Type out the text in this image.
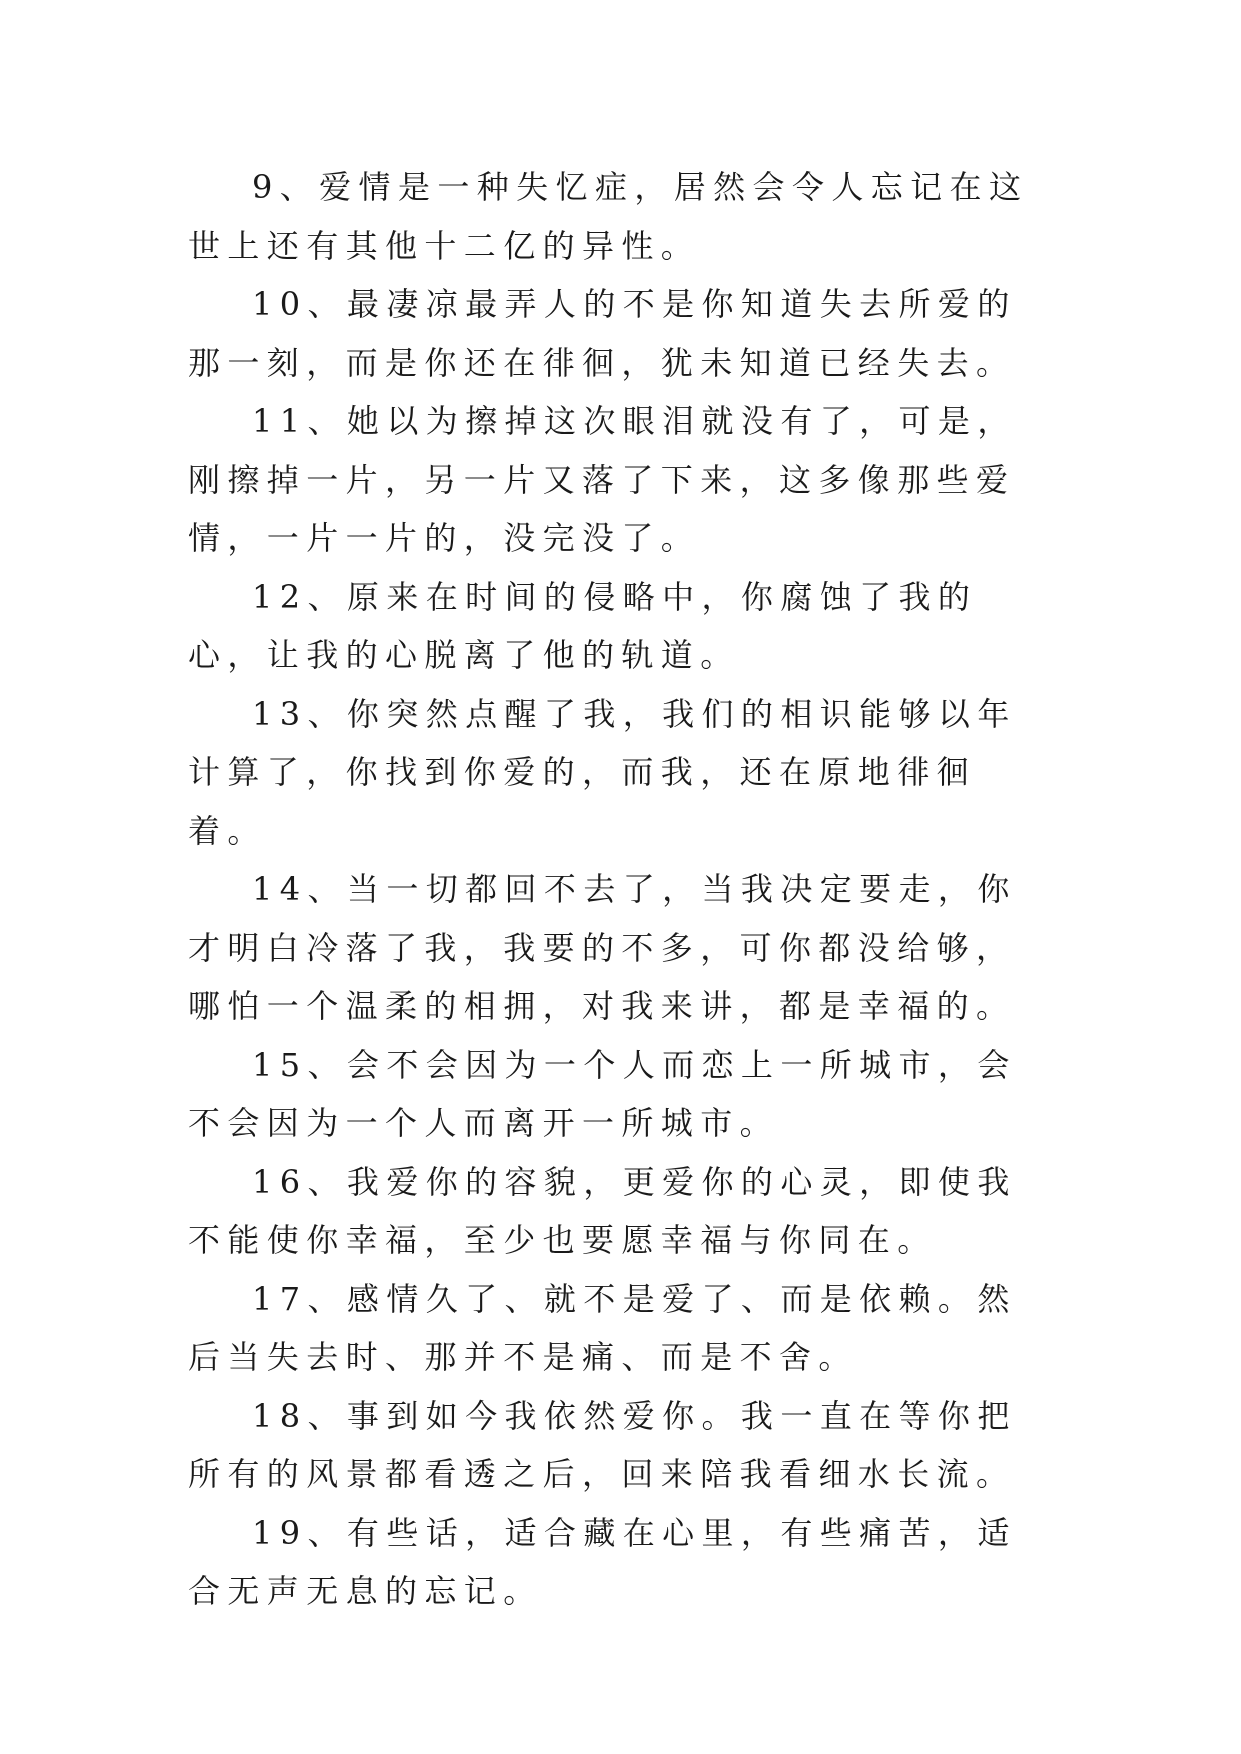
9、爱情是一种失忆症，居然会令人忘记在这世上还有其他十二亿的异性。

10、最凄凉最弄人的不是你知道失去所爱的那一刻，而是你还在徘徊，犹未知道已经失去。

11、她以为擦掉这次眼泪就没有了，可是，刚擦掉一片，另一片又落了下来，这多像那些爱情，一片一片的，没完没了。

12、原来在时间的侵略中，你腐蚀了我的心，让我的心脱离了他的轨道。

13、你突然点醒了我，我们的相识能够以年计算了，你找到你爱的，而我，还在原地徘徊着。

14、当一切都回不去了，当我决定要走，你才明白冷落了我，我要的不多，可你都没给够，哪怕一个温柔的相拥，对我来讲，都是幸福的。

15、会不会因为一个人而恋上一所城市，会不会因为一个人而离开一所城市。

16、我爱你的容貌，更爱你的心灵，即使我不能使你幸福，至少也要愿幸福与你同在。

17、感情久了、就不是爱了、而是依赖。然后当失去时、那并不是痛、而是不舍。

18、事到如今我依然爱你。我一直在等你把所有的风景都看透之后，回来陪我看细水长流。

19、有些话，适合藏在心里，有些痛苦，适合无声无息的忘记。
